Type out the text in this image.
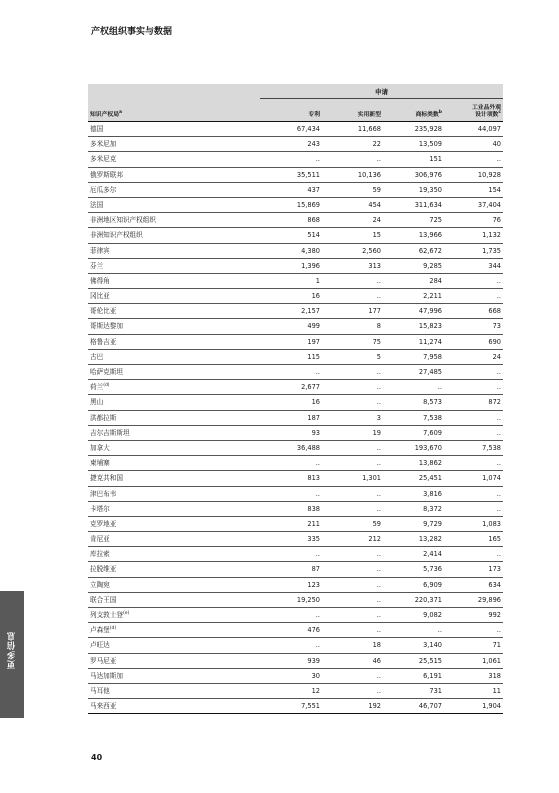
产权组织事实与数据
申请
知识产权局$^a$	专利	实用新型	商标类数$^b$
工业品外观
设计项数$^c$
德国	67,434	11,668	235,928	44,097
多米尼加	243	22	13,509	40
多米尼克	..	..	151	..
俄罗斯联邦	35,511	10,136	306,976	10,928
厄瓜多尔	437	59	19,350	154
法国	15,869	454	311,634	37,404
非洲地区知识产权组织	868	24	725	76
非洲知识产权组织	514	15	13,966	1,132
菲律宾	4,380	2,560	62,672	1,735
芬兰	1,396	313	9,285	344
佛得角	1	..	284	..
冈比亚	16	..	2,211	..
哥伦比亚	2,157	177	47,996	668
哥斯达黎加	499	8	15,823	73
格鲁吉亚	197	75	11,274	690
古巴	115	5	7,958	24
哈萨克斯坦	..	..	27,485	..
荷兰$^{(d)}$	2,677	..	..	..
黑山	16	..	8,573	872
洪都拉斯	187	3	7,538	..
吉尔吉斯斯坦	93	19	7,609	..
加拿大	36,488	..	193,670	7,538
柬埔寨	..	..	13,862	..
捷克共和国	813	1,301	25,451	1,074
津巴布韦	..	..	3,816	..
卡塔尔	838	..	8,372	..
克罗地亚	211	59	9,729	1,083
肯尼亚	335	212	13,282	165
库拉索	..	..	2,414	..
拉脱维亚	87	..	5,736	173
立陶宛	123	..	6,909	634
联合王国	19,250	..	220,371	29,896
列支敦士登$^{(e)}$	..	..	9,082	992
卢森堡$^{(d)}$	476	..	..	..
卢旺达	..	18	3,140	71
罗马尼亚	939	46	25,515	1,061
马达加斯加	30	..	6,191	318
马耳他	12	..	731	11
马来西亚	7,551	192	46,707	1,904
更多信息
40
